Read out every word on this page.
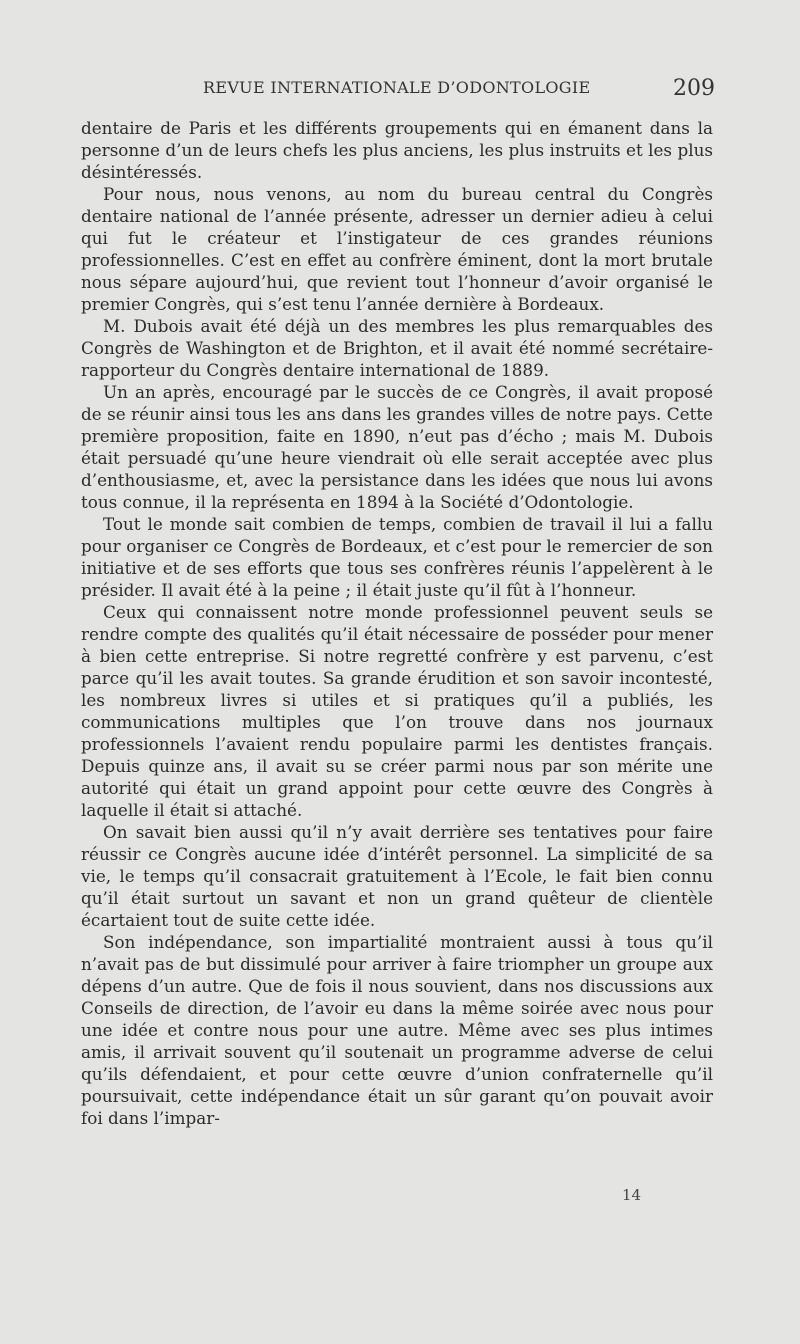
REVUE INTERNATIONALE D’ODONTOLOGIE	209

dentaire de Paris et les différents groupements qui en émanent dans la personne d’un de leurs chefs les plus anciens, les plus instruits et les plus désintéressés.

Pour nous, nous venons, au nom du bureau central du Congrès dentaire national de l’année présente, adresser un dernier adieu à celui qui fut le créateur et l’instigateur de ces grandes réunions professionnelles. C’est en effet au confrère éminent, dont la mort brutale nous sépare aujourd’hui, que revient tout l’honneur d’avoir organisé le premier Congrès, qui s’est tenu l’année dernière à Bordeaux.

M. Dubois avait été déjà un des membres les plus remarquables des Congrès de Washington et de Brighton, et il avait été nommé secrétaire-rapporteur du Congrès dentaire international de 1889.

Un an après, encouragé par le succès de ce Congrès, il avait proposé de se réunir ainsi tous les ans dans les grandes villes de notre pays. Cette première proposition, faite en 1890, n’eut pas d’écho ; mais M. Dubois était persuadé qu’une heure viendrait où elle serait acceptée avec plus d’enthousiasme, et, avec la persistance dans les idées que nous lui avons tous connue, il la représenta en 1894 à la Société d’Odontologie.

Tout le monde sait combien de temps, combien de travail il lui a fallu pour organiser ce Congrès de Bordeaux, et c’est pour le remercier de son initiative et de ses efforts que tous ses confrères réunis l’appelèrent à le présider. Il avait été à la peine ; il était juste qu’il fût à l’honneur.

Ceux qui connaissent notre monde professionnel peuvent seuls se rendre compte des qualités qu’il était nécessaire de posséder pour mener à bien cette entreprise. Si notre regretté confrère y est parvenu, c’est parce qu’il les avait toutes. Sa grande érudition et son savoir incontesté, les nombreux livres si utiles et si pratiques qu’il a publiés, les communications multiples que l’on trouve dans nos journaux professionnels l’avaient rendu populaire parmi les dentistes français. Depuis quinze ans, il avait su se créer parmi nous par son mérite une autorité qui était un grand appoint pour cette œuvre des Congrès à laquelle il était si attaché.

On savait bien aussi qu’il n’y avait derrière ses tentatives pour faire réussir ce Congrès aucune idée d’intérêt personnel. La simplicité de sa vie, le temps qu’il consacrait gratuitement à l’Ecole, le fait bien connu qu’il était surtout un savant et non un grand quêteur de clientèle écartaient tout de suite cette idée.

Son indépendance, son impartialité montraient aussi à tous qu’il n’avait pas de but dissimulé pour arriver à faire triompher un groupe aux dépens d’un autre. Que de fois il nous souvient, dans nos discussions aux Conseils de direction, de l’avoir eu dans la même soirée avec nous pour une idée et contre nous pour une autre. Même avec ses plus intimes amis, il arrivait souvent qu’il soutenait un programme adverse de celui qu’ils défendaient, et pour cette œuvre d’union confraternelle qu’il poursuivait, cette indépendance était un sûr garant qu’on pouvait avoir foi dans l’impar-

14
